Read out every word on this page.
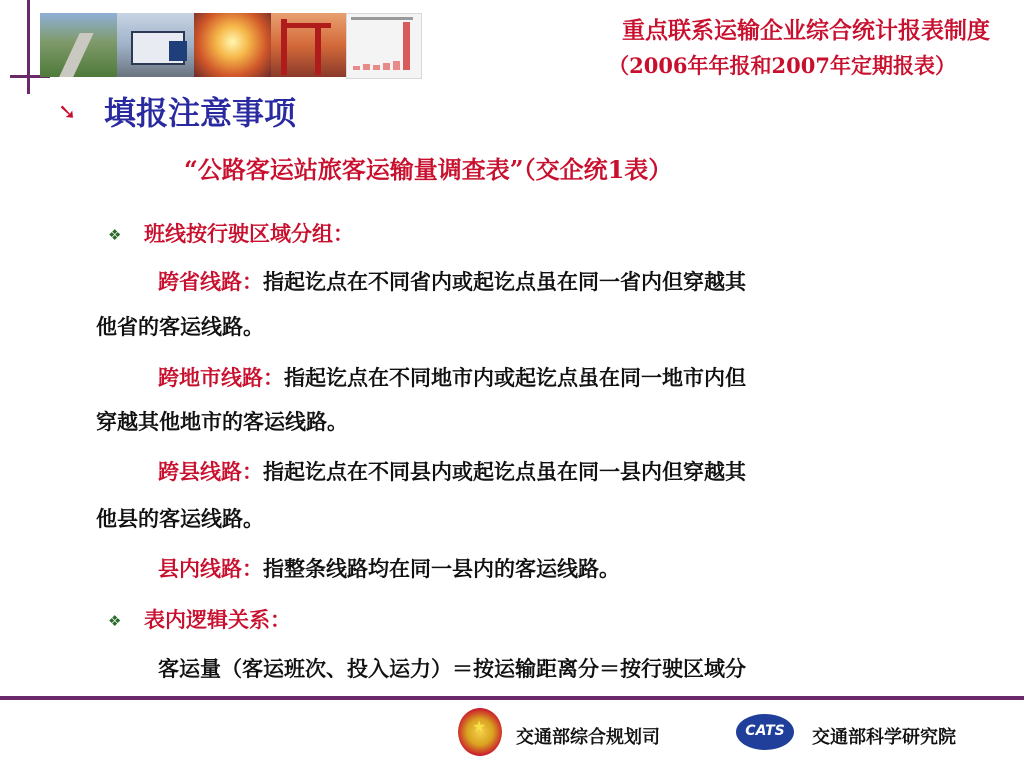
重点联系运输企业综合统计报表制度
（2006年年报和2007年定期报表）
➘ 填报注意事项
“公路客运站旅客运输量调查表”（交企统1表）
❖ 班线按行驶区域分组：
跨省线路：指起讫点在不同省内或起讫点虽在同一省内但穿越其
他省的客运线路。
跨地市线路：指起讫点在不同地市内或起讫点虽在同一地市内但
穿越其他地市的客运线路。
跨县线路：指起讫点在不同县内或起讫点虽在同一县内但穿越其
他县的客运线路。
县内线路：指整条线路均在同一县内的客运线路。
❖ 表内逻辑关系：
客运量（客运班次、投入运力）＝按运输距离分＝按行驶区域分
★
交通部综合规划司	CATS 交通部科学研究院
